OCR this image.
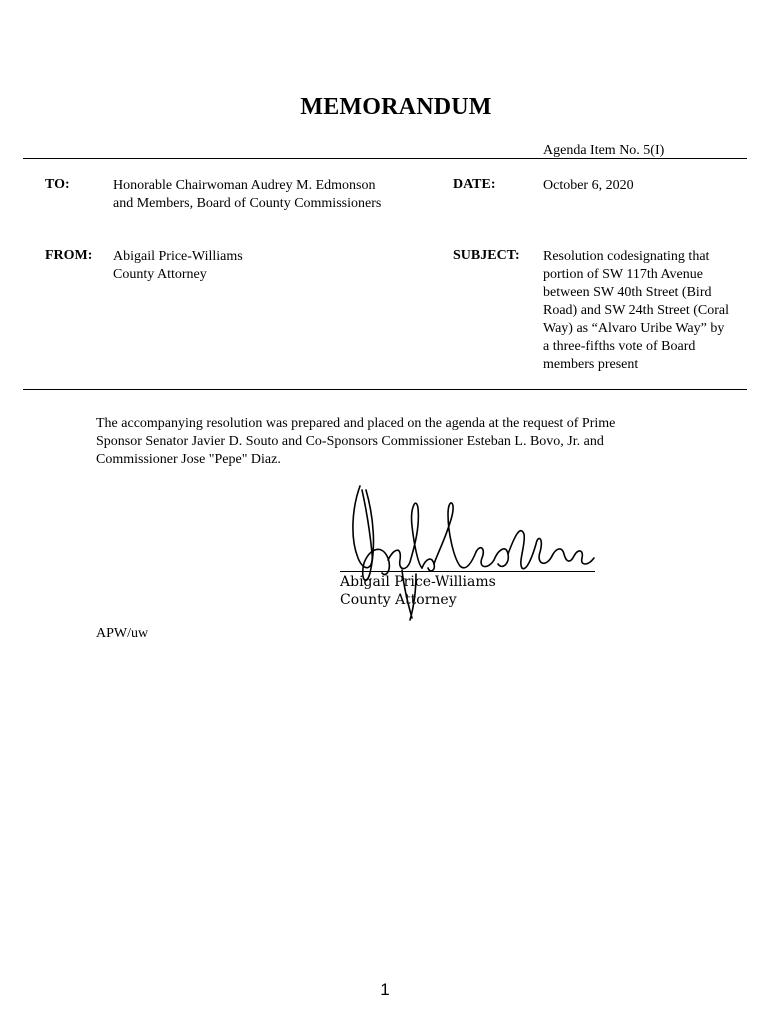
MEMORANDUM
Agenda Item No. 5(I)
TO:	Honorable Chairwoman Audrey M. Edmonson
and Members, Board of County Commissioners
DATE:	October 6, 2020
FROM: Abigail Price-Williams
County Attorney
SUBJECT: Resolution codesignating that
portion of SW 117th Avenue
between SW 40th Street (Bird
Road) and SW 24th Street (Coral
Way) as “Alvaro Uribe Way” by
a three-fifths vote of Board
members present
The accompanying resolution was prepared and placed on the agenda at the request of Prime
Sponsor Senator Javier D. Souto and Co-Sponsors Commissioner Esteban L. Bovo, Jr. and
Commissioner Jose "Pepe" Diaz.
Abigail Price-Williams
County Attorney
APW/uw
1
